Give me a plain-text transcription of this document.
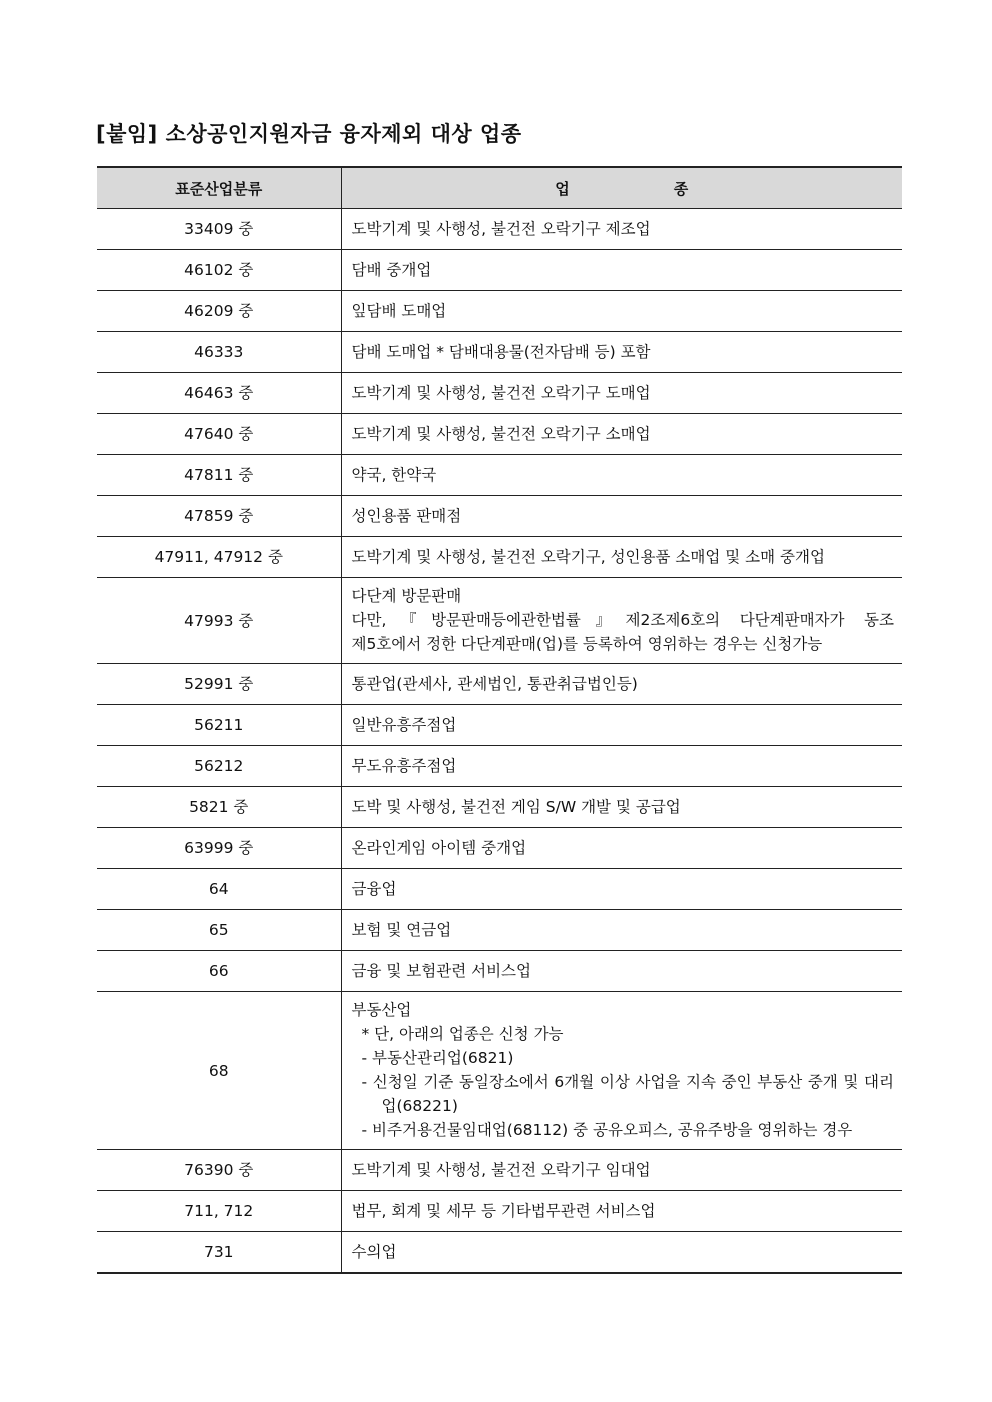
[붙임] 소상공인지원자금 융자제외 대상 업종
표준산업분류	업 종
33409 중	도박기계 및 사행성, 불건전 오락기구 제조업

46102 중	담배 중개업

46209 중	잎담배 도매업

46333	담배 도매업 * 담배대용물(전자담배 등) 포함

46463 중	도박기계 및 사행성, 불건전 오락기구 도매업

47640 중	도박기계 및 사행성, 불건전 오락기구 소매업

47811 중	약국, 한약국

47859 중	성인용품 판매점

47911, 47912 중	도박기계 및 사행성, 불건전 오락기구, 성인용품 소매업 및 소매 중개업

47993 중	다단계 방문판매
다만,『방문판매등에관한법률』제2조제6호의 다단계판매자가 동조
제5호에서 정한 다단계판매(업)를 등록하여 영위하는 경우는 신청가능

52991 중	통관업(관세사, 관세법인, 통관취급법인등)

56211	일반유흥주점업

56212	무도유흥주점업

5821 중	도박 및 사행성, 불건전 게임 S/W 개발 및 공급업

63999 중	온라인게임 아이템 중개업

64	금융업

65	보험 및 연금업

66	금융 및 보험관련 서비스업

68	부동산업
* 단, 아래의 업종은 신청 가능
- 부동산관리업(6821)
- 신청일 기준 동일장소에서 6개월 이상 사업을 지속 중인 부동산 중개 및 대리업(68221)
- 비주거용건물임대업(68112) 중 공유오피스, 공유주방을 영위하는 경우

76390 중	도박기계 및 사행성, 불건전 오락기구 임대업

711, 712	법무, 회계 및 세무 등 기타법무관련 서비스업

731	수의업
